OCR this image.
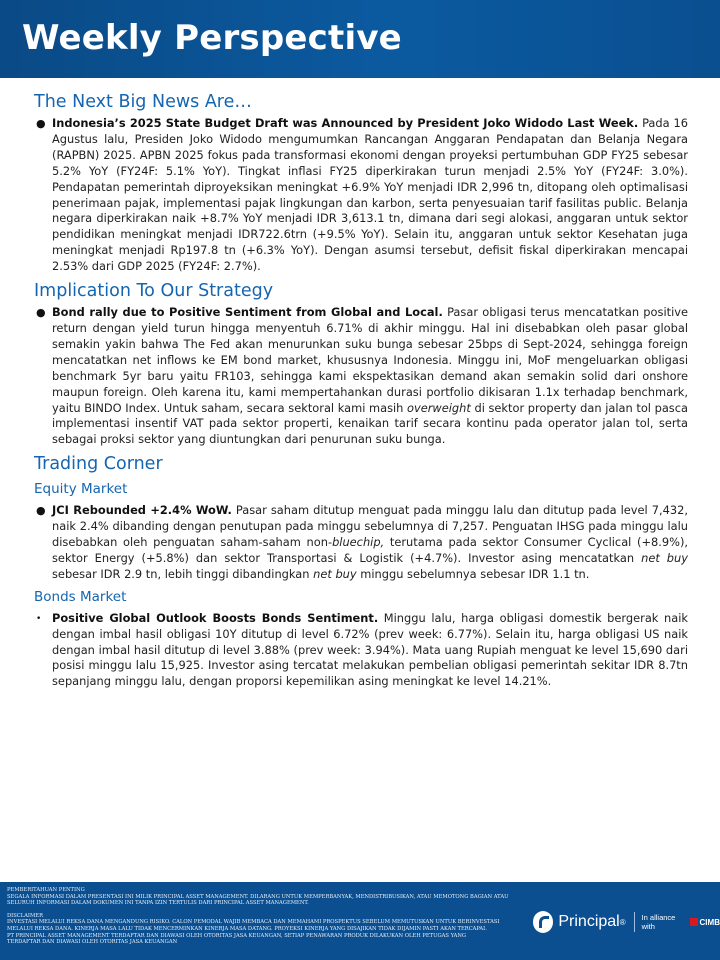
Weekly Perspective
The Next Big News Are…

● Indonesia’s 2025 State Budget Draft was Announced by President Joko Widodo Last Week. Pada 16 Agustus lalu, Presiden Joko Widodo mengumumkan Rancangan Anggaran Pendapatan dan Belanja Negara (RAPBN) 2025. APBN 2025 fokus pada transformasi ekonomi dengan proyeksi pertumbuhan GDP FY25 sebesar 5.2% YoY (FY24F: 5.1% YoY). Tingkat inflasi FY25 diperkirakan turun menjadi 2.5% YoY (FY24F: 3.0%). Pendapatan pemerintah diproyeksikan meningkat +6.9% YoY menjadi IDR 2,996 tn, ditopang oleh optimalisasi penerimaan pajak, implementasi pajak lingkungan dan karbon, serta penyesuaian tarif fasilitas public. Belanja negara diperkirakan naik +8.7% YoY menjadi IDR 3,613.1 tn, dimana dari segi alokasi, anggaran untuk sektor pendidikan meningkat menjadi IDR722.6trn (+9.5% YoY). Selain itu, anggaran untuk sektor Kesehatan juga meningkat menjadi Rp197.8 tn (+6.3% YoY). Dengan asumsi tersebut, defisit fiskal diperkirakan mencapai 2.53% dari GDP 2025 (FY24F: 2.7%).

Implication To Our Strategy

● Bond rally due to Positive Sentiment from Global and Local. Pasar obligasi terus mencatatkan positive return dengan yield turun hingga menyentuh 6.71% di akhir minggu. Hal ini disebabkan oleh pasar global semakin yakin bahwa The Fed akan menurunkan suku bunga sebesar 25bps di Sept-2024, sehingga foreign mencatatkan net inflows ke EM bond market, khususnya Indonesia. Minggu ini, MoF mengeluarkan obligasi benchmark 5yr baru yaitu FR103, sehingga kami ekspektasikan demand akan semakin solid dari onshore maupun foreign. Oleh karena itu, kami mempertahankan durasi portfolio dikisaran 1.1x terhadap benchmark, yaitu BINDO Index. Untuk saham, secara sektoral kami masih overweight di sektor property dan jalan tol pasca implementasi insentif VAT pada sektor properti, kenaikan tarif secara kontinu pada operator jalan tol, serta sebagai proksi sektor yang diuntungkan dari penurunan suku bunga.

Trading Corner
Equity Market

● JCI Rebounded +2.4% WoW. Pasar saham ditutup menguat pada minggu lalu dan ditutup pada level 7,432, naik 2.4% dibanding dengan penutupan pada minggu sebelumnya di 7,257. Penguatan IHSG pada minggu lalu disebabkan oleh penguatan saham-saham non-bluechip, terutama pada sektor Consumer Cyclical (+8.9%), sektor Energy (+5.8%) dan sektor Transportasi & Logistik (+4.7%). Investor asing mencatatkan net buy sebesar IDR 2.9 tn, lebih tinggi dibandingkan net buy minggu sebelumnya sebesar IDR 1.1 tn.

Bonds Market

• Positive Global Outlook Boosts Bonds Sentiment. Minggu lalu, harga obligasi domestik bergerak naik dengan imbal hasil obligasi 10Y ditutup di level 6.72% (prev week: 6.77%). Selain itu, harga obligasi US naik dengan imbal hasil ditutup di level 3.88% (prev week: 3.94%). Mata uang Rupiah menguat ke level 15,690 dari posisi minggu lalu 15,925. Investor asing tercatat melakukan pembelian obligasi pemerintah sekitar IDR 8.7tn sepanjang minggu lalu, dengan proporsi kepemilikan asing meningkat ke level 14.21%.

PEMBERITAHUAN PENTING

SEGALA INFORMASI DALAM PRESENTASI INI MILIK PRINCIPAL ASSET MANAGEMENT. DILARANG UNTUK MEMPERBANYAK, MENDISTRIBUSIKAN, ATAU MEMOTONG BAGIAN ATAU

SELURUH INFORMASI DALAM DOKUMEN INI TANPA IZIN TERTULIS DARI PRINCIPAL ASSET MANAGEMENT.

DISCLAIMER

INVESTASI MELALUI REKSA DANA MENGANDUNG RISIKO. CALON PEMODAL WAJIB MEMBACA DAN MEMAHAMI PROSPEKTUS SEBELUM MEMUTUSKAN UNTUK BERINVESTASI

MELALUI REKSA DANA. KINERJA MASA LALU TIDAK MENCERMINKAN KINERJA MASA DATANG. PROYEKSI KINERJA YANG DISAJIKAN TIDAK DIJAMIN PASTI AKAN TERCAPAI.

PT PRINCIPAL ASSET MANAGEMENT TERDAFTAR DAN DIAWASI OLEH OTORITAS JASA KEUANGAN, SETIAP PENAWARAN PRODUK DILAKUKAN OLEH PETUGAS YANG

TERDAFTAR DAN DIAWASI OLEH OTORITAS JASA KEUANGAN

Principal ® In alliance with	CIMB
